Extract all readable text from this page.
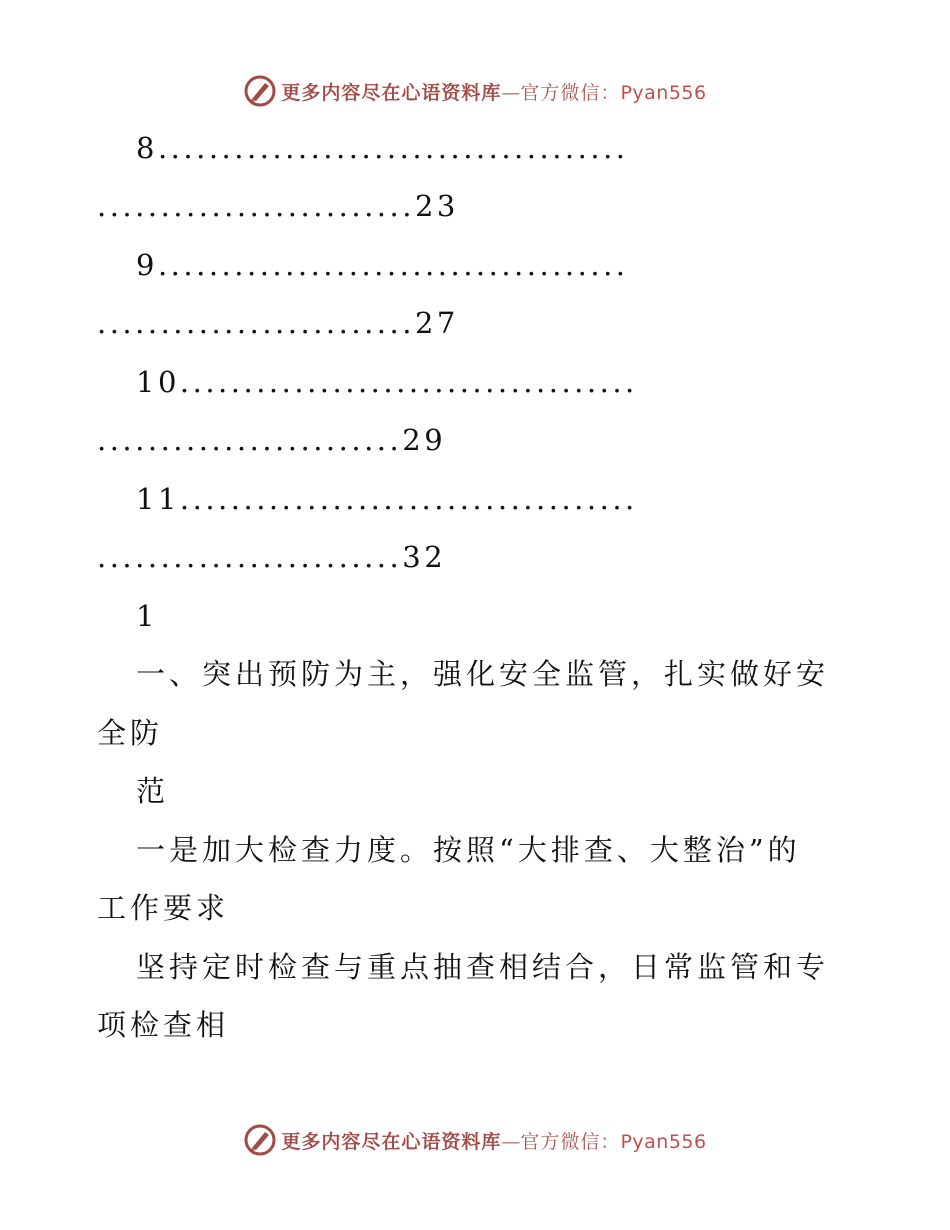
更多内容尽在心语资料库—官方微信：Pyan556
8.....................................
.........................23
9.....................................
.........................27
10....................................
........................29
11....................................
........................32
1
一、突出预防为主，强化安全监管，扎实做好安
全防
范
一是加大检查力度。按照“大排查、大整治”的
工作要求
坚持定时检查与重点抽查相结合，日常监管和专
项检查相
更多内容尽在心语资料库—官方微信：Pyan556
